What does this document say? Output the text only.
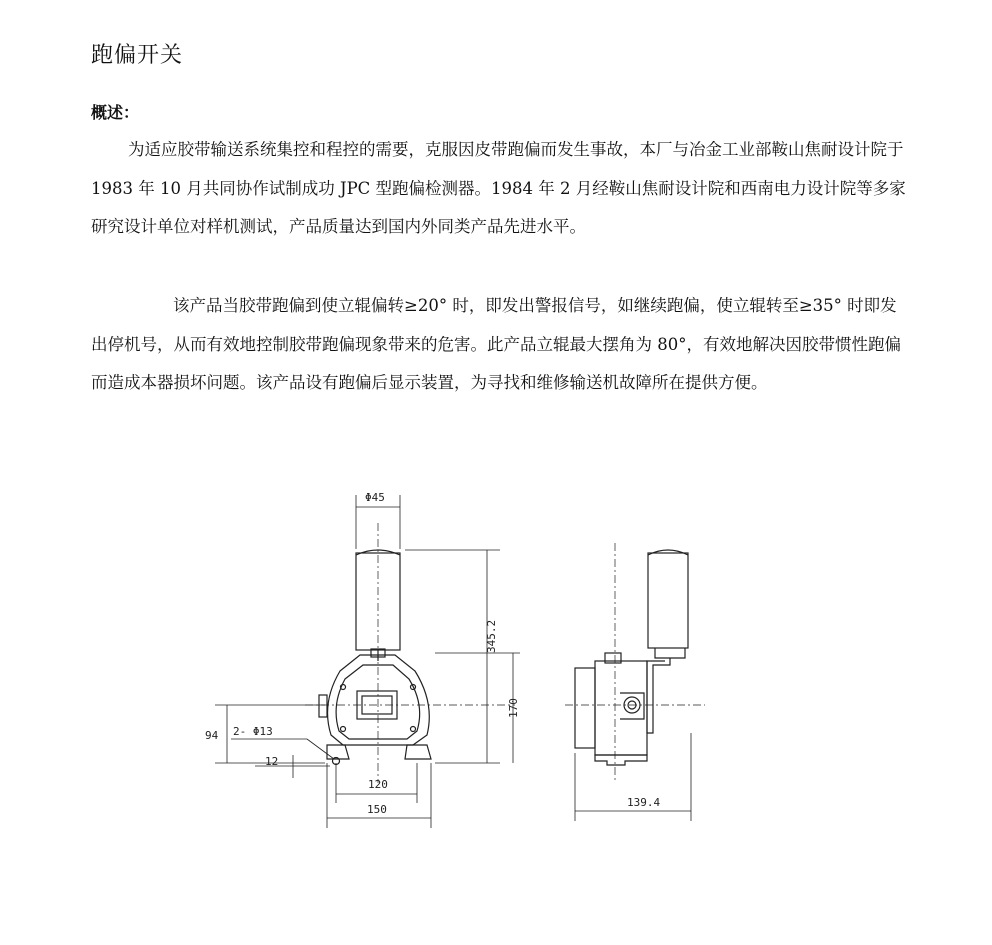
跑偏开关
概述：
为适应胶带输送系统集控和程控的需要，克服因皮带跑偏而发生事故，本厂与冶金工业部鞍山焦耐设计院于 1983 年 10 月共同协作试制成功 JPC 型跑偏检测器。1984 年 2 月经鞍山焦耐设计院和西南电力设计院等多家研究设计单位对样机测试，产品质量达到国内外同类产品先进水平。
该产品当胶带跑偏到使立辊偏转≥20° 时，即发出警报信号，如继续跑偏，使立辊转至≥35° 时即发出停机号，从而有效地控制胶带跑偏现象带来的危害。此产品立辊最大摆角为 80°，有效地解决因胶带惯性跑偏而造成本器损坏问题。该产品设有跑偏后显示装置，为寻找和维修输送机故障所在提供方便。
Φ45
345.2
170
94 2- Φ13
12
120
150
139.4
